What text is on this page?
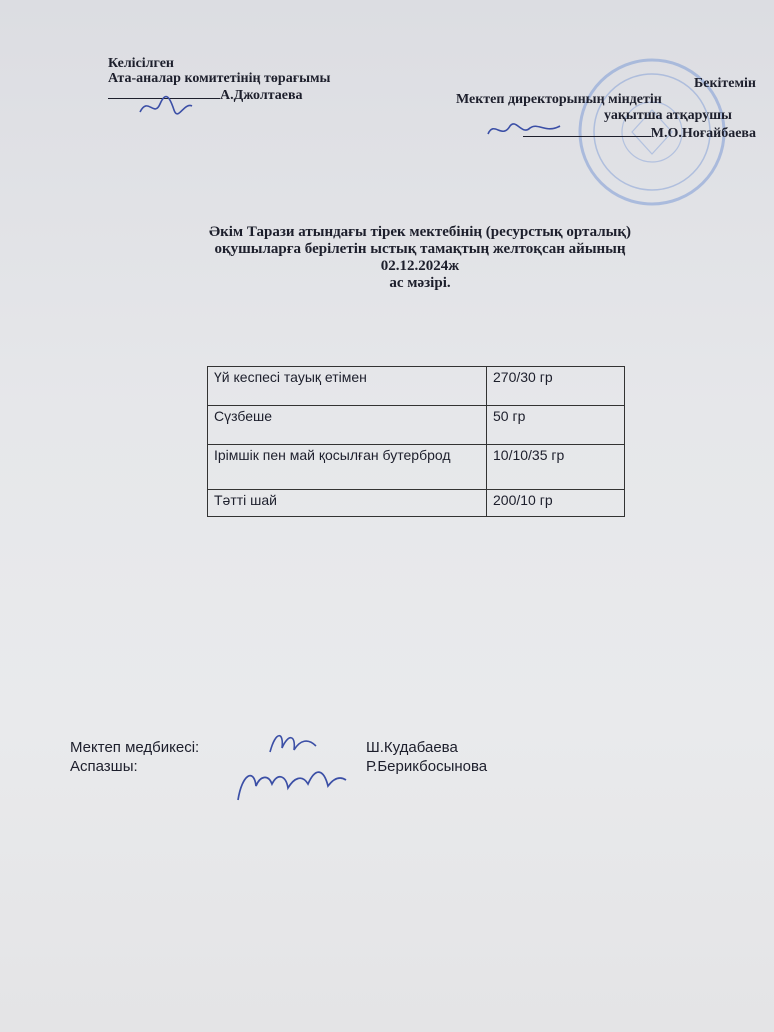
Келісілген
Ата-аналар комитетінің төрағымы
А.Джолтаева
Бекітемін
Мектеп директорының міндетін
уақытша атқарушы
М.О.Ноғайбаева
Әкім Тарази атындағы тірек мектебінің (ресурстық орталық)
оқушыларға берілетін ыстық тамақтың желтоқсан айының
02.12.2024ж
ас мәзірі.
Үй кеспесі тауық етімен	270/30 гр
Сүзбеше	50 гр
Ірімшік пен май қосылған бутерброд	10/10/35 гр
Тәтті шай	200/10 гр
Мектеп медбикесі:	Ш.Кудабаева
Аспазшы:	Р.Берикбосынова
